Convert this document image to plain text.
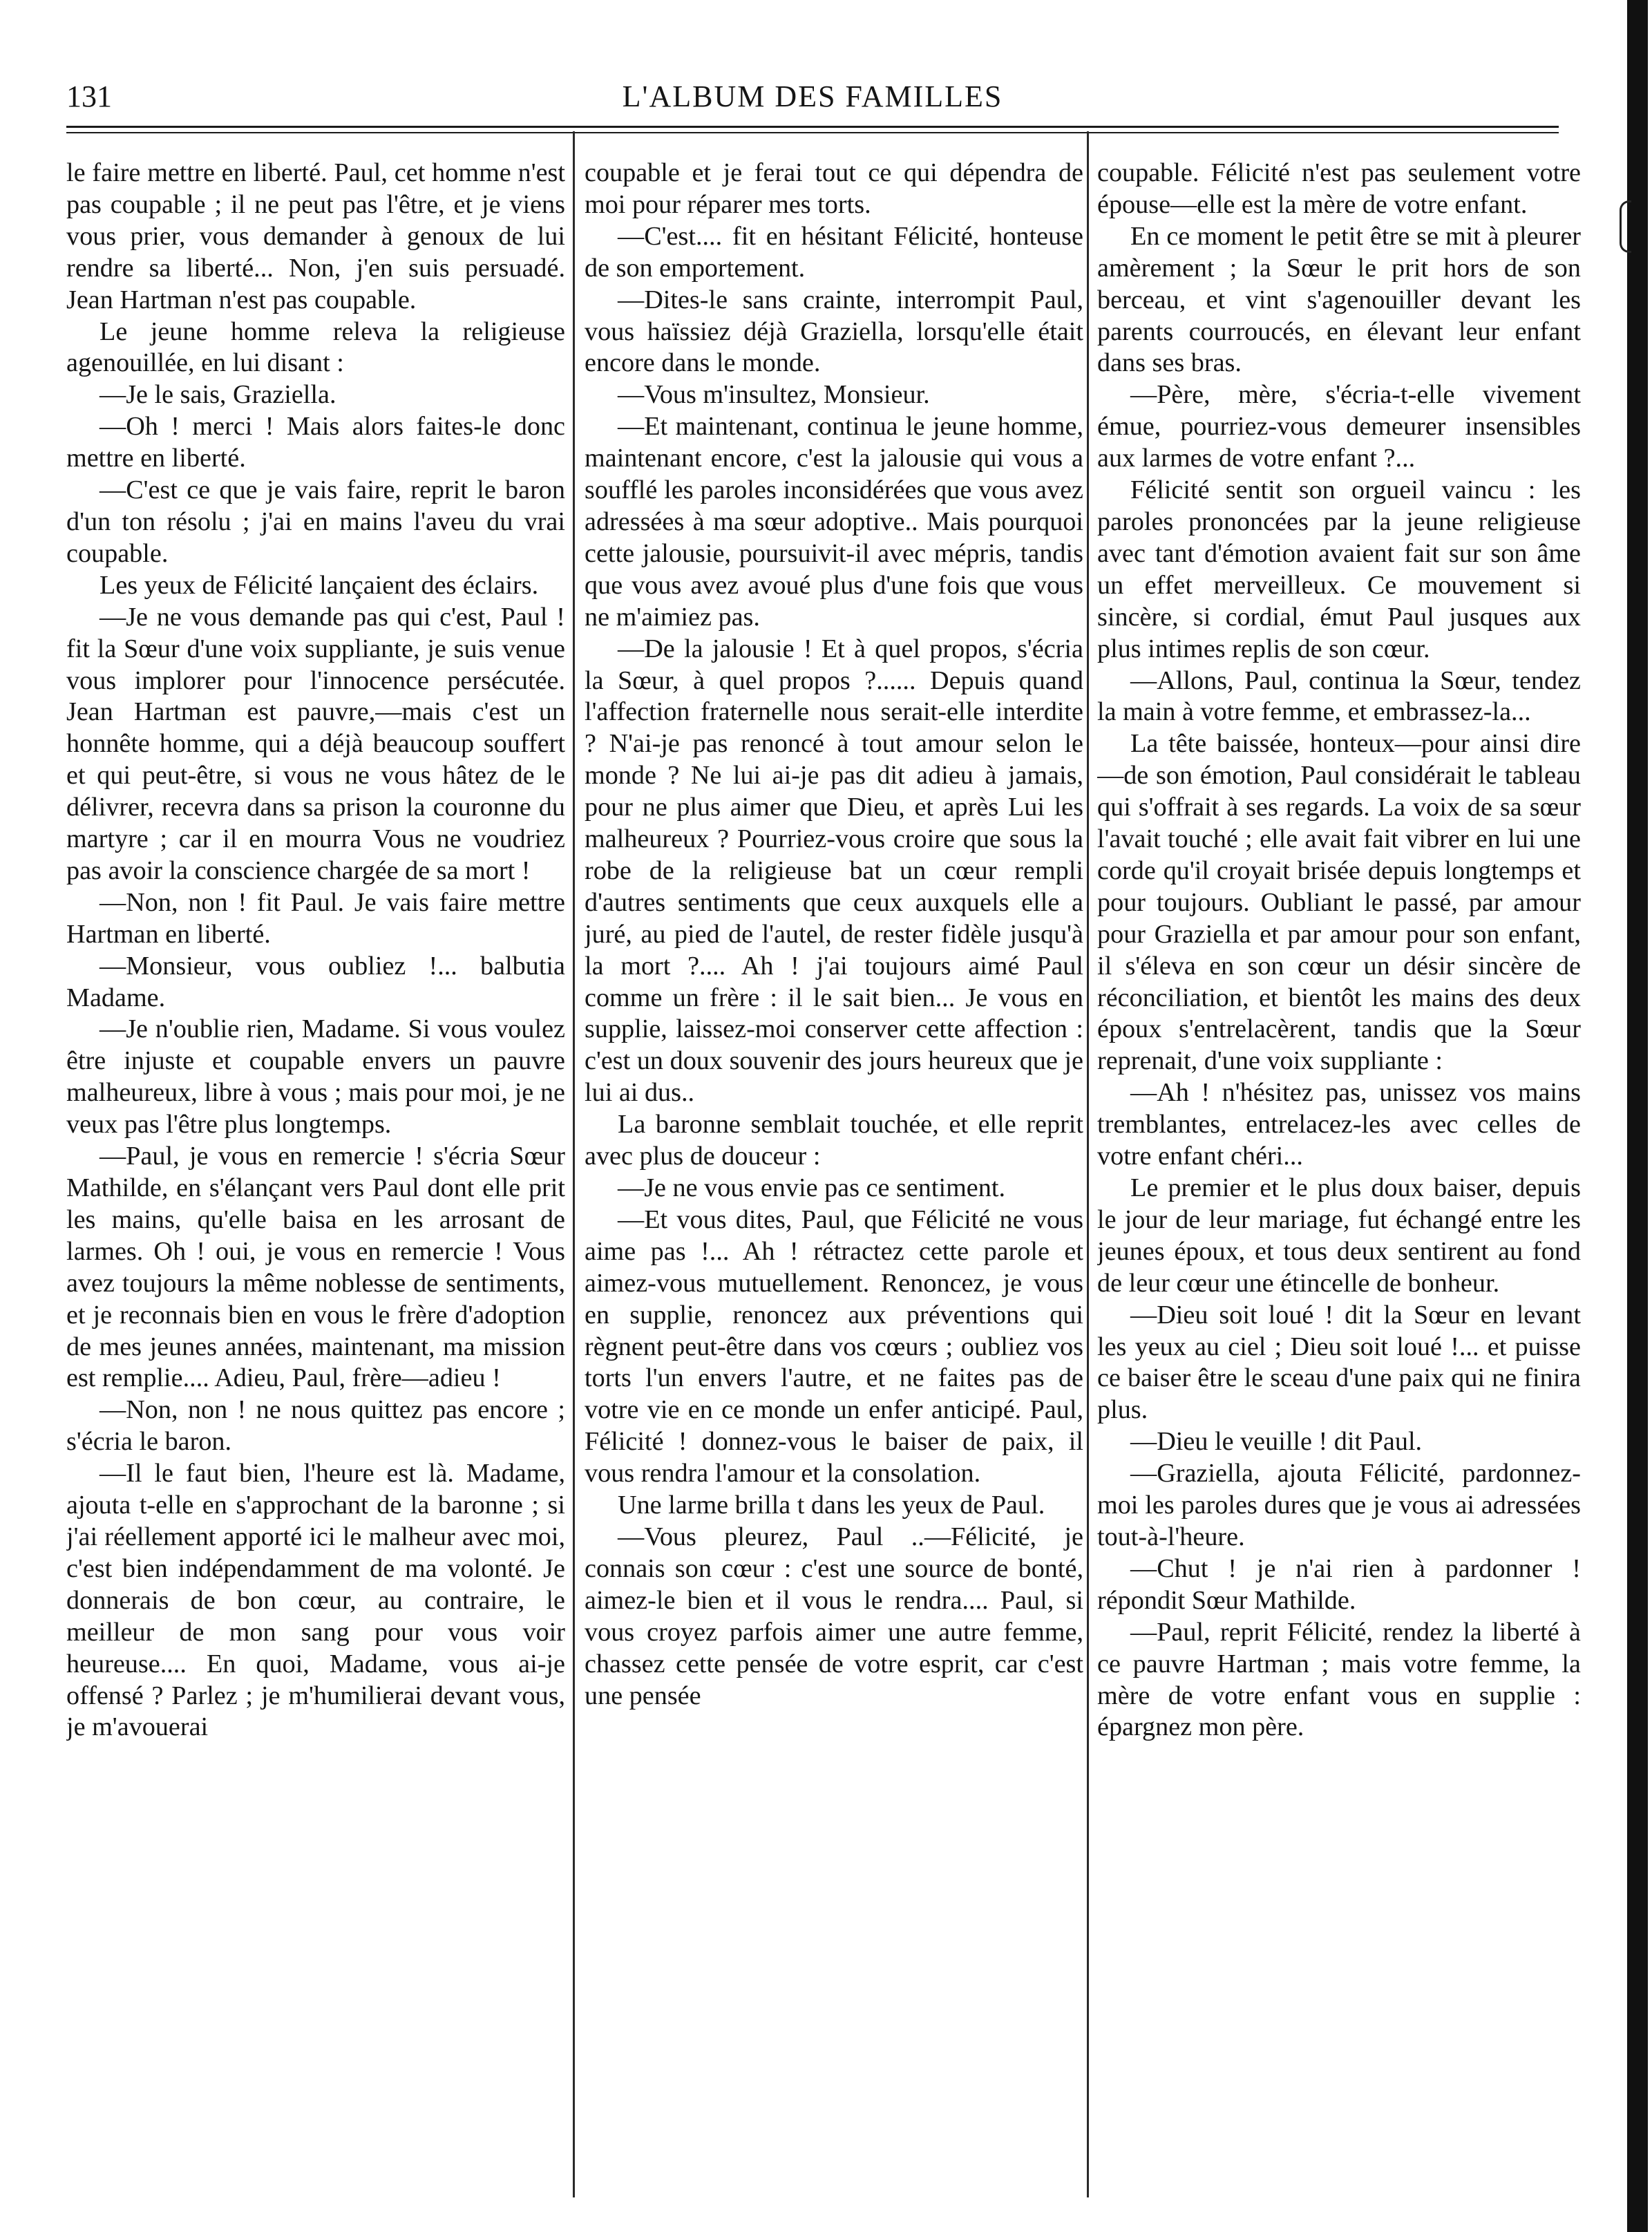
131	L'ALBUM DES FAMILLES

le faire mettre en liberté. Paul, cet homme n'est pas coupable ; il ne peut pas l'être, et je viens vous prier, vous demander à genoux de lui rendre sa liberté... Non, j'en suis persuadé. Jean Hartman n'est pas coupable.

Le jeune homme releva la religieuse agenouillée, en lui disant :

—Je le sais, Graziella.

—Oh ! merci ! Mais alors faites-le donc mettre en liberté.

—C'est ce que je vais faire, reprit le baron d'un ton résolu ; j'ai en mains l'aveu du vrai coupable.

Les yeux de Félicité lançaient des éclairs.

—Je ne vous demande pas qui c'est, Paul ! fit la Sœur d'une voix suppliante, je suis venue vous implorer pour l'innocence persécutée. Jean Hartman est pauvre,—mais c'est un honnête homme, qui a déjà beaucoup souffert et qui peut-être, si vous ne vous hâtez de le délivrer, recevra dans sa prison la couronne du martyre ; car il en mourra Vous ne voudriez pas avoir la conscience chargée de sa mort !

—Non, non ! fit Paul. Je vais faire mettre Hartman en liberté.

—Monsieur, vous oubliez !... balbutia Madame.

—Je n'oublie rien, Madame. Si vous voulez être injuste et coupable envers un pauvre malheureux, libre à vous ; mais pour moi, je ne veux pas l'être plus longtemps.

—Paul, je vous en remercie ! s'écria Sœur Mathilde, en s'élançant vers Paul dont elle prit les mains, qu'elle baisa en les arrosant de larmes. Oh ! oui, je vous en remercie ! Vous avez toujours la même noblesse de sentiments, et je reconnais bien en vous le frère d'adoption de mes jeunes années, maintenant, ma mission est remplie.... Adieu, Paul, frère—adieu !

—Non, non ! ne nous quittez pas encore ; s'écria le baron.

—Il le faut bien, l'heure est là. Madame, ajouta t-elle en s'approchant de la baronne ; si j'ai réellement apporté ici le malheur avec moi, c'est bien indépendamment de ma volonté. Je donnerais de bon cœur, au contraire, le meilleur de mon sang pour vous voir heureuse.... En quoi, Madame, vous ai-je offensé ? Parlez ; je m'humilierai devant vous, je m'avouerai

coupable et je ferai tout ce qui dépendra de moi pour réparer mes torts.

—C'est.... fit en hésitant Félicité, honteuse de son emportement.

—Dites-le sans crainte, interrompit Paul, vous haïssiez déjà Graziella, lorsqu'elle était encore dans le monde.

—Vous m'insultez, Monsieur.

—Et maintenant, continua le jeune homme, maintenant encore, c'est la jalousie qui vous a soufflé les paroles inconsidérées que vous avez adressées à ma sœur adoptive.. Mais pourquoi cette jalousie, poursuivit-il avec mépris, tandis que vous avez avoué plus d'une fois que vous ne m'aimiez pas.

—De la jalousie ! Et à quel propos, s'écria la Sœur, à quel propos ?...... Depuis quand l'affection fraternelle nous serait-elle interdite ? N'ai-je pas renoncé à tout amour selon le monde ? Ne lui ai-je pas dit adieu à jamais, pour ne plus aimer que Dieu, et après Lui les malheureux ? Pourriez-vous croire que sous la robe de la religieuse bat un cœur rempli d'autres sentiments que ceux auxquels elle a juré, au pied de l'autel, de rester fidèle jusqu'à la mort ?.... Ah ! j'ai toujours aimé Paul comme un frère : il le sait bien... Je vous en supplie, laissez-moi conserver cette affection : c'est un doux souvenir des jours heureux que je lui ai dus..

La baronne semblait touchée, et elle reprit avec plus de douceur :

—Je ne vous envie pas ce sentiment.

—Et vous dites, Paul, que Félicité ne vous aime pas !... Ah ! rétractez cette parole et aimez-vous mutuellement. Renoncez, je vous en supplie, renoncez aux préventions qui règnent peut-être dans vos cœurs ; oubliez vos torts l'un envers l'autre, et ne faites pas de votre vie en ce monde un enfer anticipé. Paul, Félicité ! donnez-vous le baiser de paix, il vous rendra l'amour et la consolation.

Une larme brilla t dans les yeux de Paul.

—Vous pleurez, Paul ..—Félicité, je connais son cœur : c'est une source de bonté, aimez-le bien et il vous le rendra.... Paul, si vous croyez parfois aimer une autre femme, chassez cette pensée de votre esprit, car c'est une pensée

coupable. Félicité n'est pas seulement votre épouse—elle est la mère de votre enfant.

En ce moment le petit être se mit à pleurer amèrement ; la Sœur le prit hors de son berceau, et vint s'agenouiller devant les parents courroucés, en élevant leur enfant dans ses bras.

—Père, mère, s'écria-t-elle vivement émue, pourriez-vous demeurer insensibles aux larmes de votre enfant ?...

Félicité sentit son orgueil vaincu : les paroles prononcées par la jeune religieuse avec tant d'émotion avaient fait sur son âme un effet merveilleux. Ce mouvement si sincère, si cordial, émut Paul jusques aux plus intimes replis de son cœur.

—Allons, Paul, continua la Sœur, tendez la main à votre femme, et embrassez-la...

La tête baissée, honteux—pour ainsi dire—de son émotion, Paul considérait le tableau qui s'offrait à ses regards. La voix de sa sœur l'avait touché ; elle avait fait vibrer en lui une corde qu'il croyait brisée depuis longtemps et pour toujours. Oubliant le passé, par amour pour Graziella et par amour pour son enfant, il s'éleva en son cœur un désir sincère de réconciliation, et bientôt les mains des deux époux s'entrelacèrent, tandis que la Sœur reprenait, d'une voix suppliante :

—Ah ! n'hésitez pas, unissez vos mains tremblantes, entrelacez-les avec celles de votre enfant chéri...

Le premier et le plus doux baiser, depuis le jour de leur mariage, fut échangé entre les jeunes époux, et tous deux sentirent au fond de leur cœur une étincelle de bonheur.

—Dieu soit loué ! dit la Sœur en levant les yeux au ciel ; Dieu soit loué !... et puisse ce baiser être le sceau d'une paix qui ne finira plus.

—Dieu le veuille ! dit Paul.

—Graziella, ajouta Félicité, pardonnez-moi les paroles dures que je vous ai adressées tout-à-l'heure.

—Chut ! je n'ai rien à pardonner ! répondit Sœur Mathilde.

—Paul, reprit Félicité, rendez la liberté à ce pauvre Hartman ; mais votre femme, la mère de votre enfant vous en supplie : épargnez mon père.
